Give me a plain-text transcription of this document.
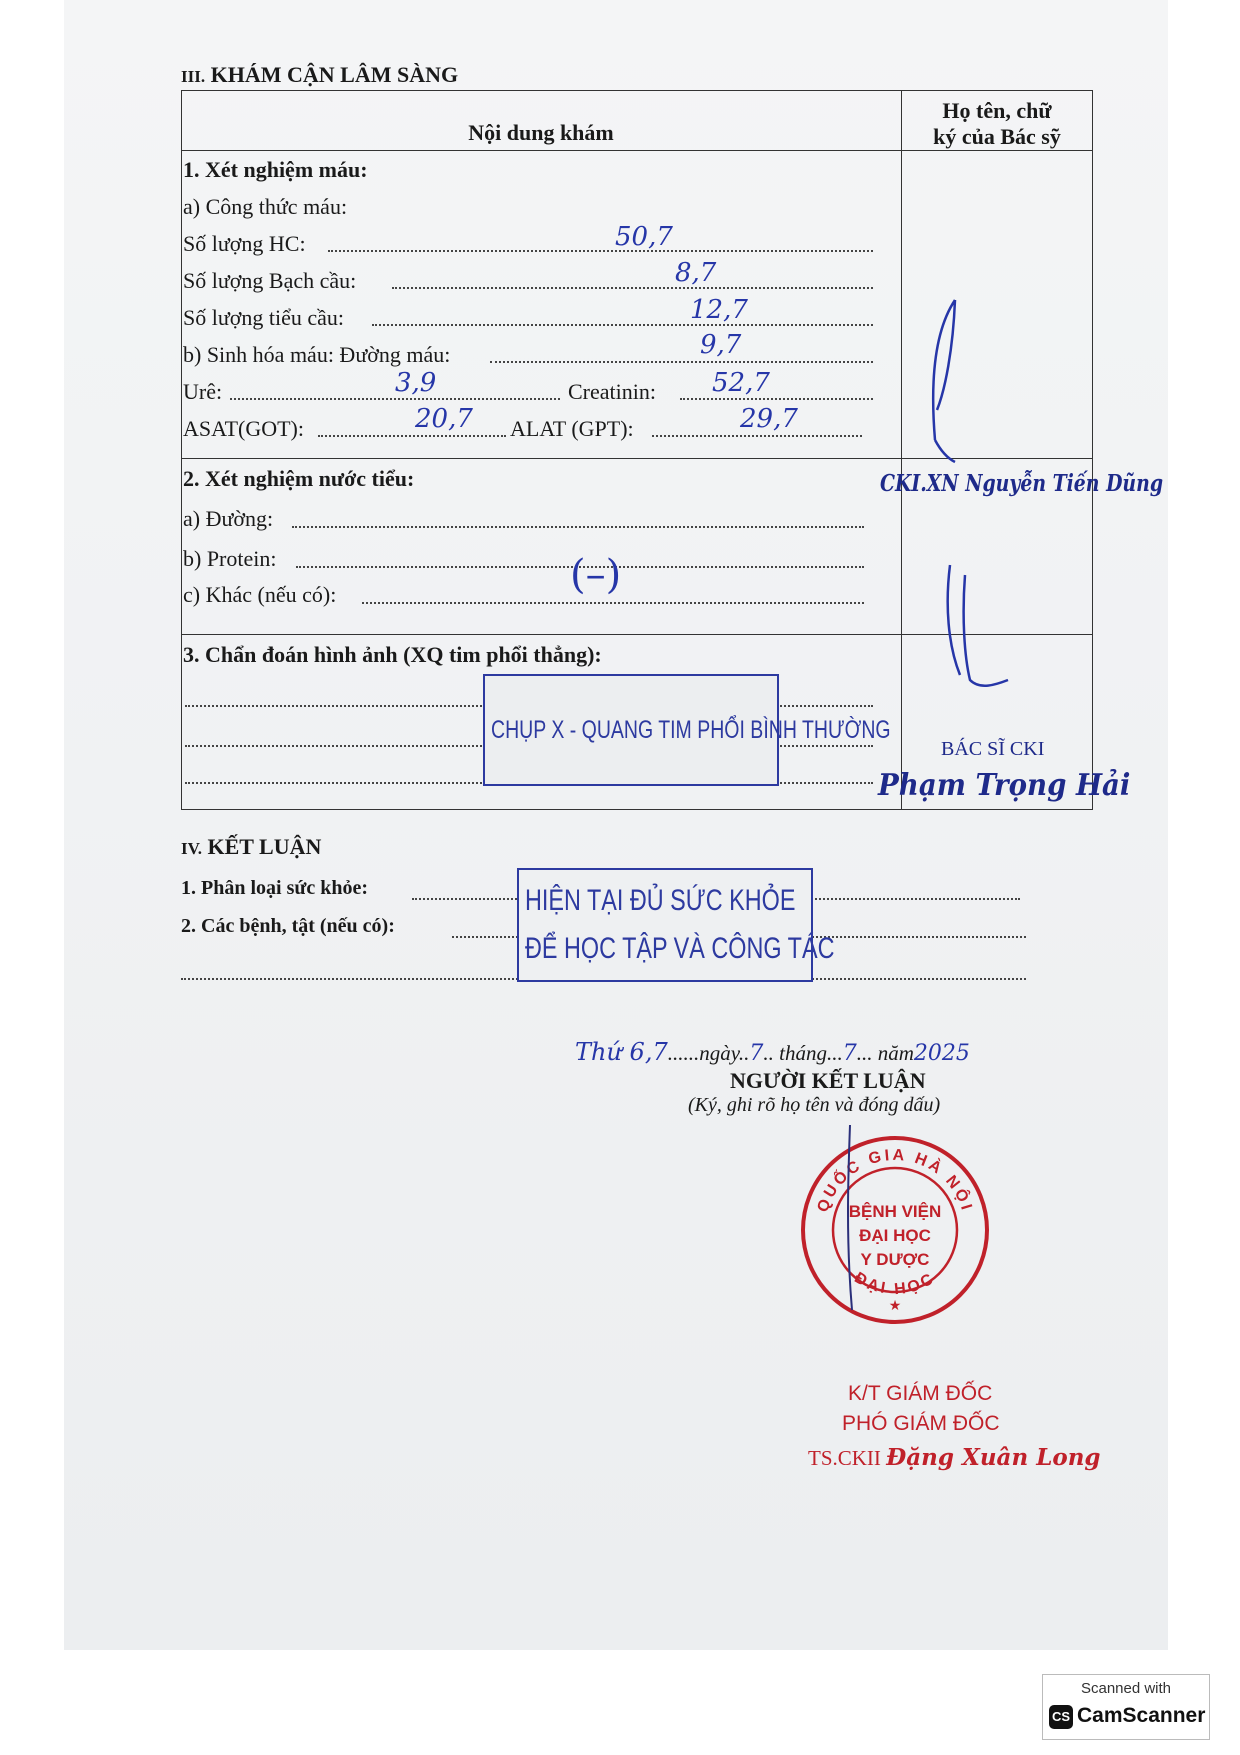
III. KHÁM CẬN LÂM SÀNG
Nội dung khám
Họ tên, chữ
ký của Bác sỹ
1. Xét nghiệm máu:
a) Công thức máu:
Số lượng HC:	50,7
Số lượng Bạch cầu:	8,7
Số lượng tiểu cầu:	12,7
b) Sinh hóa máu: Đường máu:	9,7
Urê:	3,9	Creatinin: 52,7
ASAT(GOT):	20,7 ALAT (GPT):	29,7
CKI.XN Nguyễn Tiến Dũng
2. Xét nghiệm nước tiểu:
a) Đường:
b) Protein:
c) Khác (nếu có):	(–)
3. Chẩn đoán hình ảnh (XQ tim phổi thẳng):
CHỤP X - QUANG TIM PHỔI BÌNH THƯỜNG
BÁC SĨ CKI
Phạm Trọng Hải
IV. KẾT LUẬN
1. Phân loại sức khỏe:
2. Các bệnh, tật (nếu có):
HIỆN TẠI ĐỦ SỨC KHỎE
ĐỂ HỌC TẬP VÀ CÔNG TÁC
Thứ 6,7......ngày..7.. tháng...7... năm2025
NGƯỜI KẾT LUẬN
(Ký, ghi rõ họ tên và đóng dấu)
QUỐC GIA HÀ NỘI
ĐẠI HỌC
BỆNH VIỆN
ĐẠI HỌC
Y DƯỢC
★
K/T GIÁM ĐỐC
PHÓ GIÁM ĐỐC
TS.CKII Đặng Xuân Long
Scanned with
CS CamScanner
